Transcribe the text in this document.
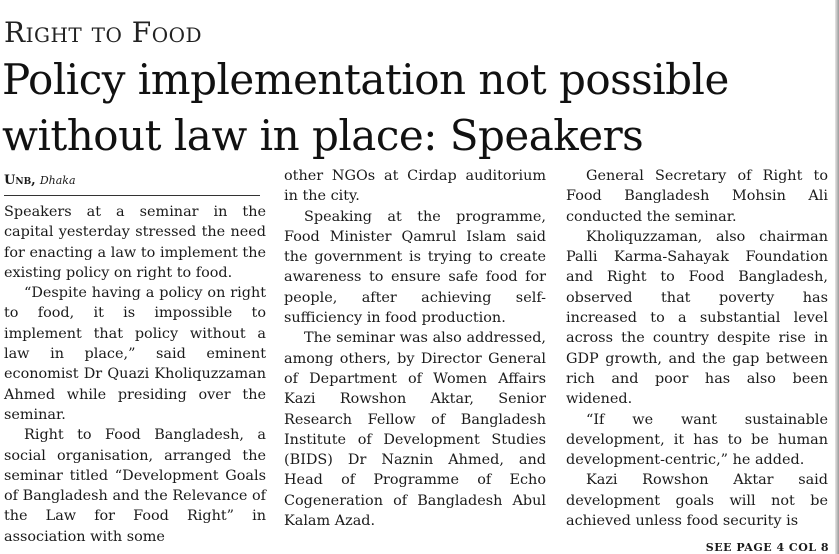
Right to Food
Policy implementation not possible without law in place: Speakers
Unb, Dhaka

Speakers at a seminar in the capital yesterday stressed the need for enacting a law to implement the existing policy on right to food.

“Despite having a policy on right to food, it is impossible to implement that policy without a law in place,” said eminent economist Dr Quazi Kholiquzzaman Ahmed while presiding over the seminar.

Right to Food Bangladesh, a social organisation, arranged the seminar titled “Development Goals of Bangladesh and the Relevance of the Law for Food Right” in association with some

other NGOs at Cirdap auditorium in the city.

Speaking at the programme, Food Minister Qamrul Islam said the government is trying to create awareness to ensure safe food for people, after achieving self-sufficiency in food production.

The seminar was also addressed, among others, by Director General of Department of Women Affairs Kazi Rowshon Aktar, Senior Research Fellow of Bangladesh Institute of Development Studies (BIDS) Dr Naznin Ahmed, and Head of Programme of Echo Cogeneration of Bangladesh Abul Kalam Azad.

General Secretary of Right to Food Bangladesh Mohsin Ali conducted the seminar.

Kholiquzzaman, also chairman Palli Karma-Sahayak Foundation and Right to Food Bangladesh, observed that poverty has increased to a substantial level across the country despite rise in GDP growth, and the gap between rich and poor has also been widened.

“If we want sustainable development, it has to be human development-centric,” he added.

Kazi Rowshon Aktar said development goals will not be achieved unless food security is

SEE PAGE 4 COL 8
